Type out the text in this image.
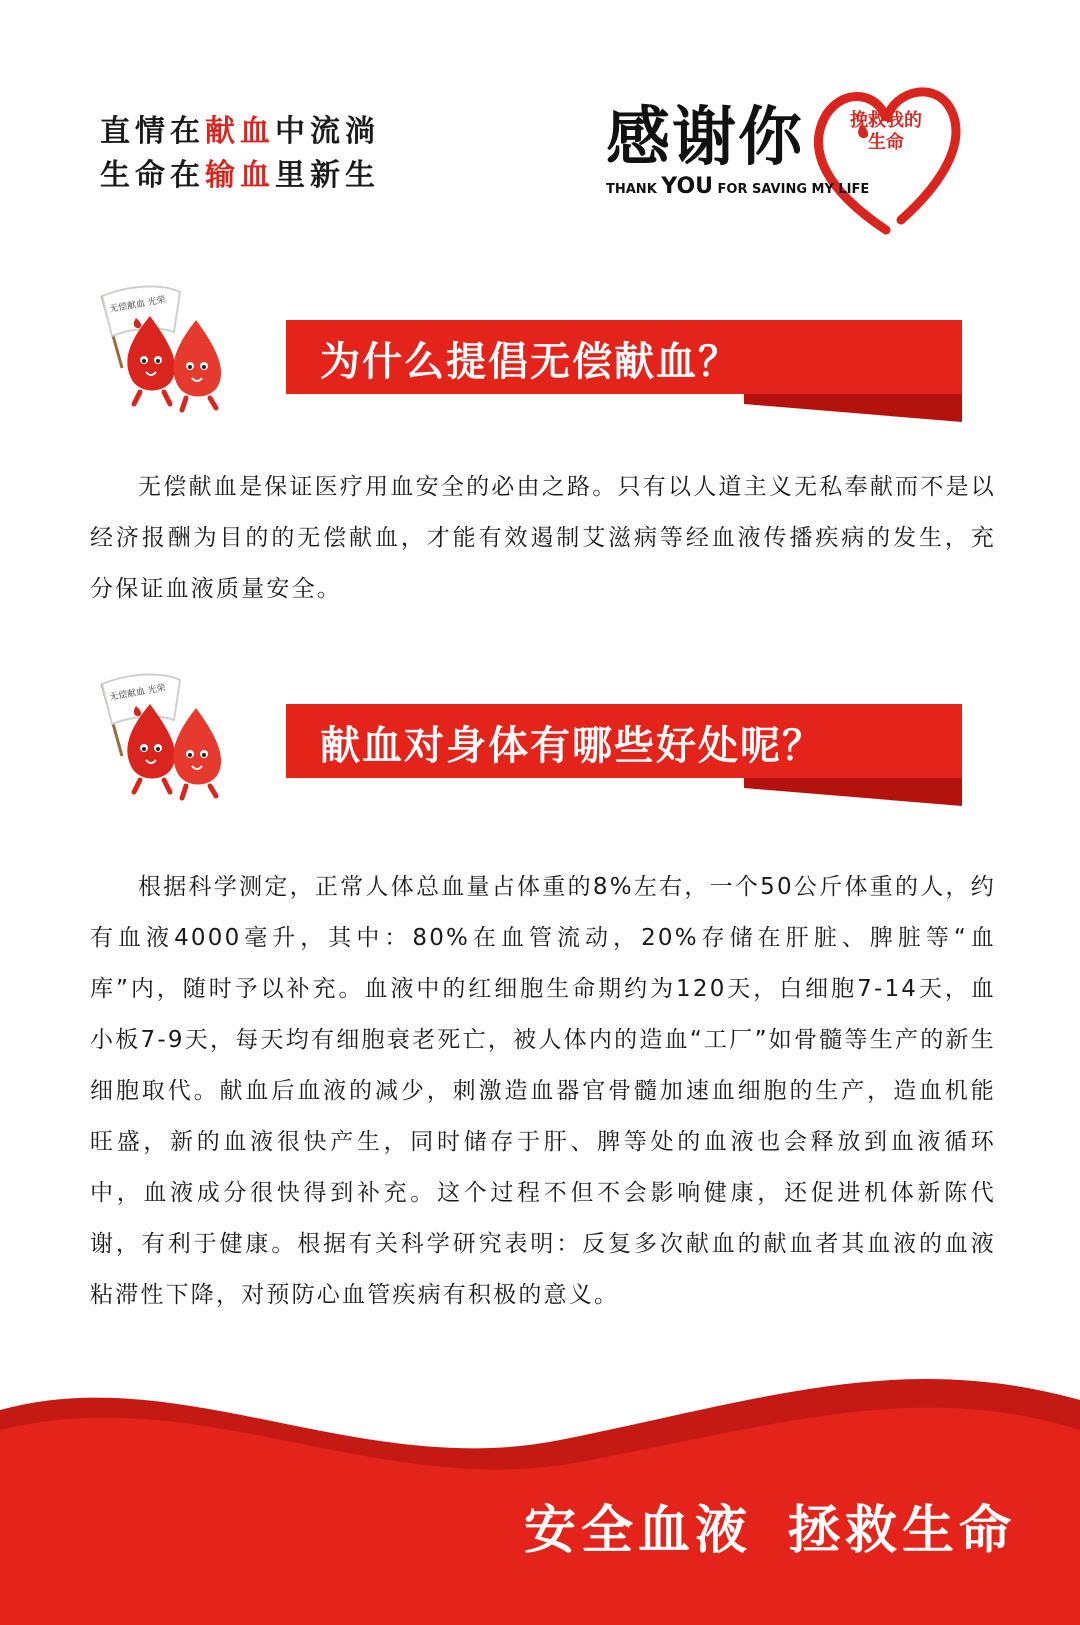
直情在献血中流淌
生命在输血里新生
感谢你
THANK YOU FOR SAVING MY LIFE
挽救我的
生命
无偿献血 光荣
为什么提倡无偿献血？

无偿献血是保证医疗用血安全的必由之路。只有以人道主义无私奉献而不是以经济报酬为目的的无偿献血，才能有效遏制艾滋病等经血液传播疾病的发生，充分保证血液质量安全。

无偿献血 光荣
献血对身体有哪些好处呢？

根据科学测定，正常人体总血量占体重的8%左右，一个50公斤体重的人，约有血液4000毫升，其中：80%在血管流动，20%存储在肝脏、脾脏等“血库”内，随时予以补充。血液中的红细胞生命期约为120天，白细胞7-14天，血小板7-9天，每天均有细胞衰老死亡，被人体内的造血“工厂”如骨髓等生产的新生细胞取代。献血后血液的减少，刺激造血器官骨髓加速血细胞的生产，造血机能旺盛，新的血液很快产生，同时储存于肝、脾等处的血液也会释放到血液循环中，血液成分很快得到补充。这个过程不但不会影响健康，还促进机体新陈代谢，有利于健康。根据有关科学研究表明：反复多次献血的献血者其血液的血液粘滞性下降，对预防心血管疾病有积极的意义。

安全血液 拯救生命
